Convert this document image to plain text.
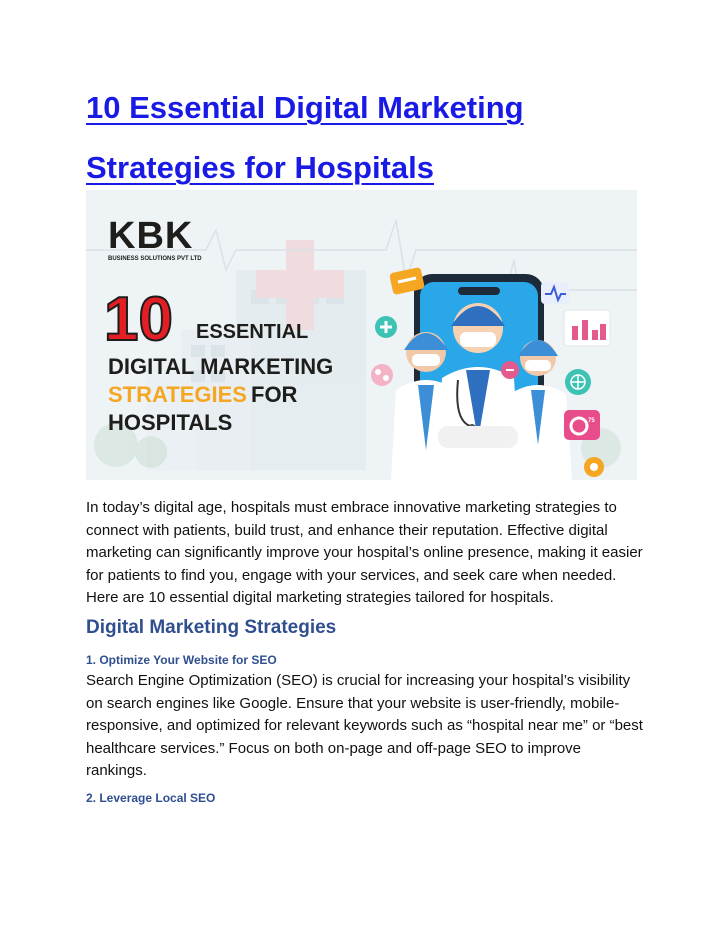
10 Essential Digital Marketing
Strategies for Hospitals
KBK
BUSINESS SOLUTIONS PVT LTD
10 ESSENTIAL
DIGITAL MARKETING
STRATEGIES FOR
HOSPITALS	75

In today’s digital age, hospitals must embrace innovative marketing strategies to connect with patients, build trust, and enhance their reputation. Effective digital marketing can significantly improve your hospital’s online presence, making it easier for patients to find you, engage with your services, and seek care when needed. Here are 10 essential digital marketing strategies tailored for hospitals.

Digital Marketing Strategies
1. Optimize Your Website for SEO

Search Engine Optimization (SEO) is crucial for increasing your hospital’s visibility on search engines like Google. Ensure that your website is user-friendly, mobile-responsive, and optimized for relevant keywords such as “hospital near me” or “best healthcare services.” Focus on both on-page and off-page SEO to improve rankings.

2. Leverage Local SEO
